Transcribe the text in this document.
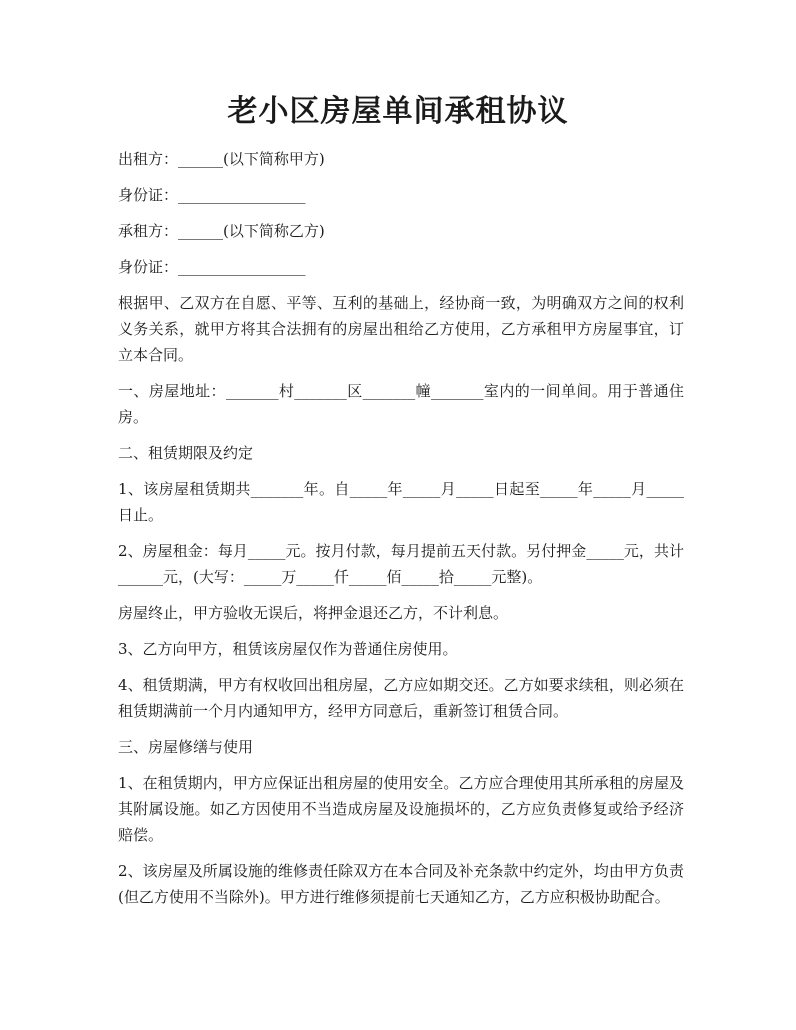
老小区房屋单间承租协议

出租方：______(以下简称甲方)

身份证：_________________

承租方：______(以下简称乙方)

身份证：_________________

根据甲、乙双方在自愿、平等、互利的基础上，经协商一致，为明确双方之间的权利义务关系，就甲方将其合法拥有的房屋出租给乙方使用，乙方承租甲方房屋事宜，订立本合同。

一、房屋地址：_______村_______区_______幢_______室内的一间单间。用于普通住房。

二、租赁期限及约定

1、该房屋租赁期共_______年。自_____年_____月_____日起至_____年_____月_____日止。

2、房屋租金：每月_____元。按月付款，每月提前五天付款。另付押金_____元，共计______元，(大写：_____万_____仟_____佰_____拾_____元整)。

房屋终止，甲方验收无误后，将押金退还乙方，不计利息。

3、乙方向甲方，租赁该房屋仅作为普通住房使用。

4、租赁期满，甲方有权收回出租房屋，乙方应如期交还。乙方如要求续租，则必须在租赁期满前一个月内通知甲方，经甲方同意后，重新签订租赁合同。

三、房屋修缮与使用

1、在租赁期内，甲方应保证出租房屋的使用安全。乙方应合理使用其所承租的房屋及其附属设施。如乙方因使用不当造成房屋及设施损坏的，乙方应负责修复或给予经济赔偿。

2、该房屋及所属设施的维修责任除双方在本合同及补充条款中约定外，均由甲方负责(但乙方使用不当除外)。甲方进行维修须提前七天通知乙方，乙方应积极协助配合。
